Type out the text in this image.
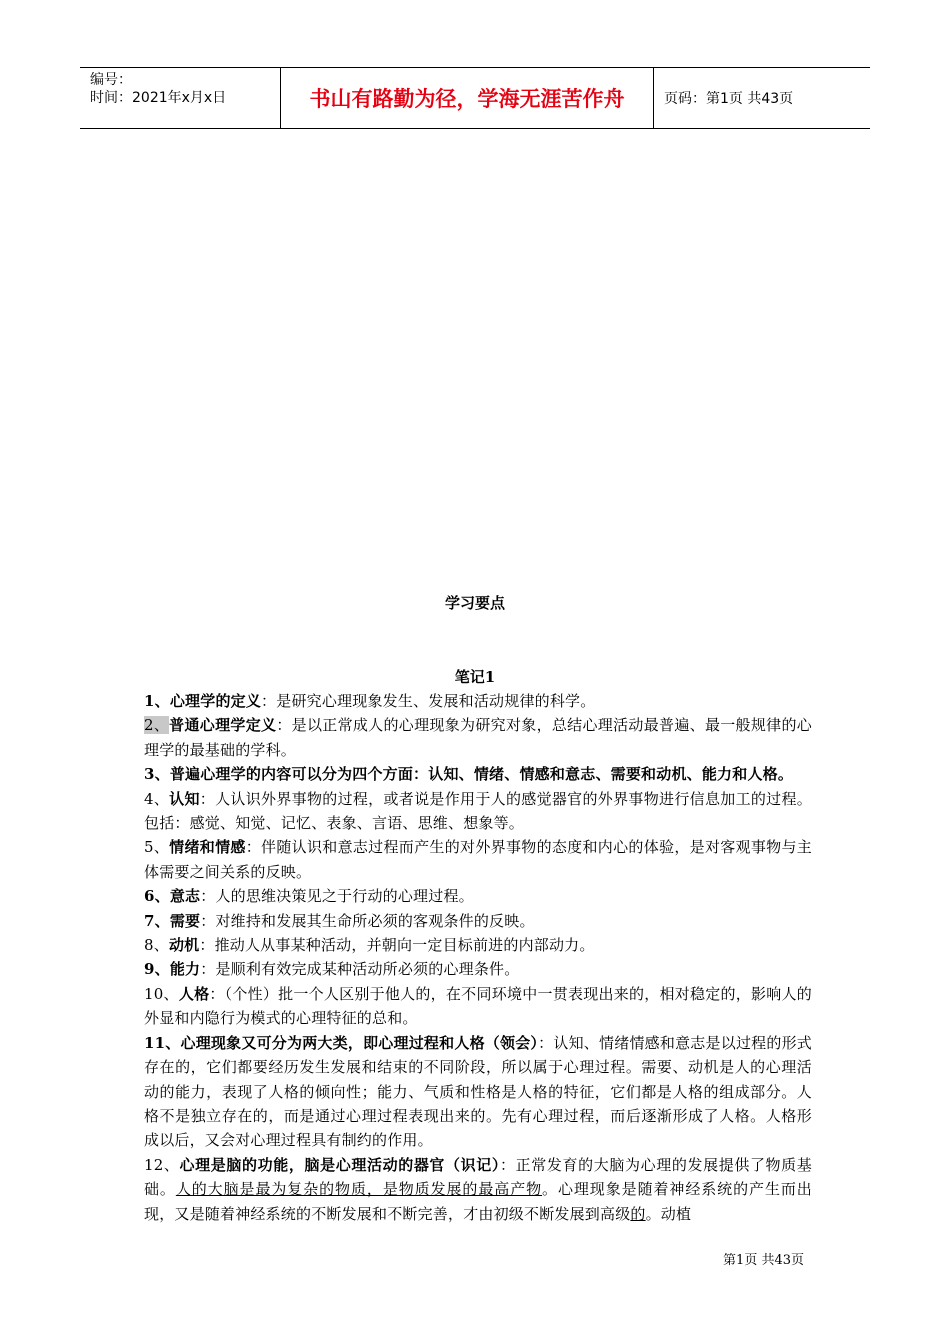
编号：
时间：2021年x月x日	书山有路勤为径，学海无涯苦作舟	页码：第1页 共43页
学习要点
笔记1

1、心理学的定义：是研究心理现象发生、发展和活动规律的科学。

2、普通心理学定义：是以正常成人的心理现象为研究对象，总结心理活动最普遍、最一般规律的心理学的最基础的学科。

3、普遍心理学的内容可以分为四个方面：认知、情绪、情感和意志、需要和动机、能力和人格。

4、认知：人认识外界事物的过程，或者说是作用于人的感觉器官的外界事物进行信息加工的过程。包括：感觉、知觉、记忆、表象、言语、思维、想象等。

5、情绪和情感：伴随认识和意志过程而产生的对外界事物的态度和内心的体验，是对客观事物与主体需要之间关系的反映。

6、意志：人的思维决策见之于行动的心理过程。

7、需要：对维持和发展其生命所必须的客观条件的反映。

8、动机：推动人从事某种活动，并朝向一定目标前进的内部动力。

9、能力：是顺利有效完成某种活动所必须的心理条件。

10、人格：（个性）批一个人区别于他人的，在不同环境中一贯表现出来的，相对稳定的，影响人的外显和内隐行为模式的心理特征的总和。

11、心理现象又可分为两大类，即心理过程和人格（领会）：认知、情绪情感和意志是以过程的形式存在的，它们都要经历发生发展和结束的不同阶段，所以属于心理过程。需要、动机是人的心理活动的能力，表现了人格的倾向性；能力、气质和性格是人格的特征，它们都是人格的组成部分。人格不是独立存在的，而是通过心理过程表现出来的。先有心理过程，而后逐渐形成了人格。人格形成以后，又会对心理过程具有制约的作用。

12、心理是脑的功能，脑是心理活动的器官（识记）：正常发育的大脑为心理的发展提供了物质基础。人的大脑是最为复杂的物质，是物质发展的最高产物。心理现象是随着神经系统的产生而出现，又是随着神经系统的不断发展和不断完善，才由初级不断发展到高级的。动植

第1页 共43页
